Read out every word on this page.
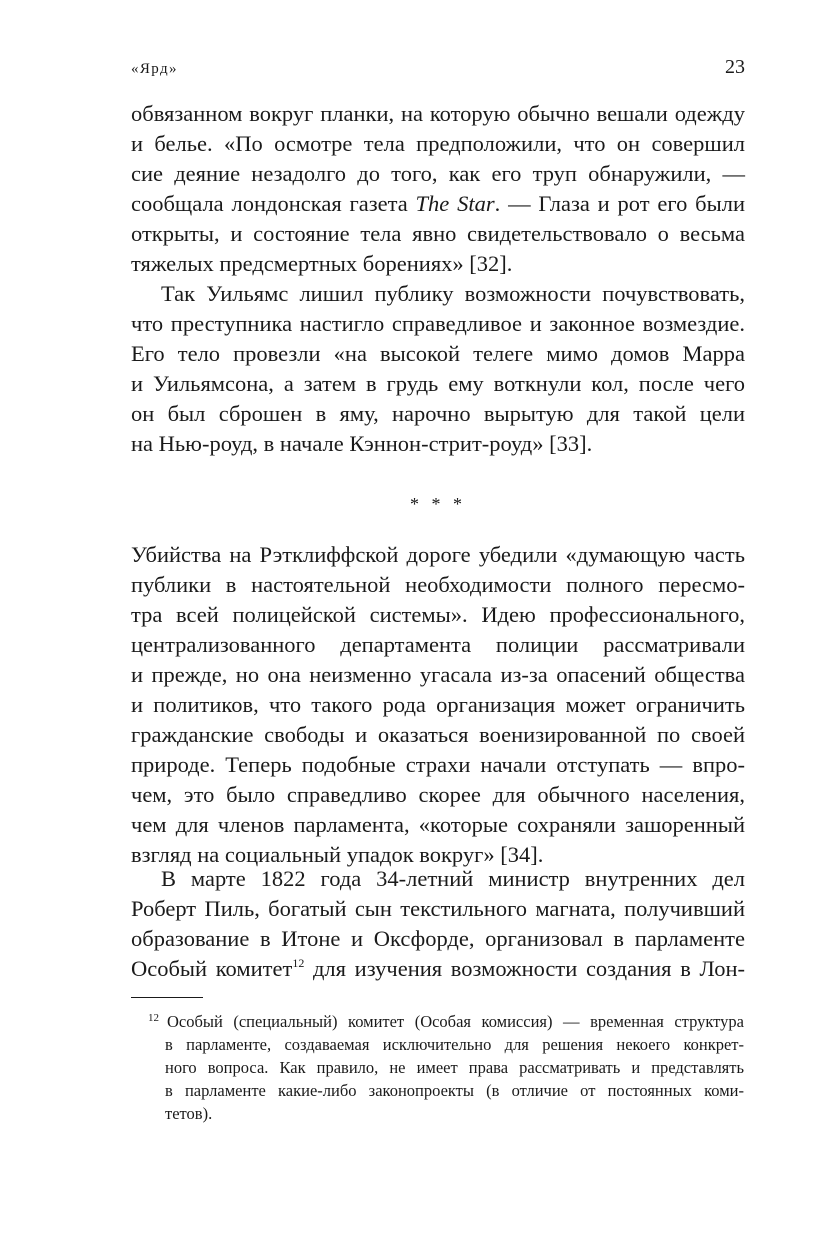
«Ярд»	23
обвязанном вокруг планки, на которую обычно вешали одежду
и белье. «По осмотре тела предположили, что он совершил
сие деяние незадолго до того, как его труп обнаружили, —
сообщала лондонская газета The Star. — Глаза и рот его были
открыты, и состояние тела явно свидетельствовало о весьма
тяжелых предсмертных борениях» [32].
Так Уильямс лишил публику возможности почувствовать,
что преступника настигло справедливое и законное возмездие.
Его тело провезли «на высокой телеге мимо домов Марра
и Уильямсона, а затем в грудь ему воткнули кол, после чего
он был сброшен в яму, нарочно вырытую для такой цели
на Нью-роуд, в начале Кэннон-стрит-роуд» [33].
* * *
Убийства на Рэтклиффской дороге убедили «думающую часть
публики в настоятельной необходимости полного пересмо-
тра всей полицейской системы». Идею профессионального,
централизованного департамента полиции рассматривали
и прежде, но она неизменно угасала из-за опасений общества
и политиков, что такого рода организация может ограничить
гражданские свободы и оказаться военизированной по своей
природе. Теперь подобные страхи начали отступать — впро-
чем, это было справедливо скорее для обычного населения,
чем для членов парламента, «которые сохраняли зашоренный
взгляд на социальный упадок вокруг» [34].
В марте 1822 года 34-летний министр внутренних дел
Роберт Пиль, богатый сын текстильного магната, получивший
образование в Итоне и Оксфорде, организовал в парламенте
Особый комитет$^{12}$ для изучения возможности создания в Лон-
$^{12}$ Особый (специальный) комитет (Особая комиссия) — временная структура
в парламенте, создаваемая исключительно для решения некоего конкрет-
ного вопроса. Как правило, не имеет права рассматривать и представлять
в парламенте какие-либо законопроекты (в отличие от постоянных коми-
тетов).
